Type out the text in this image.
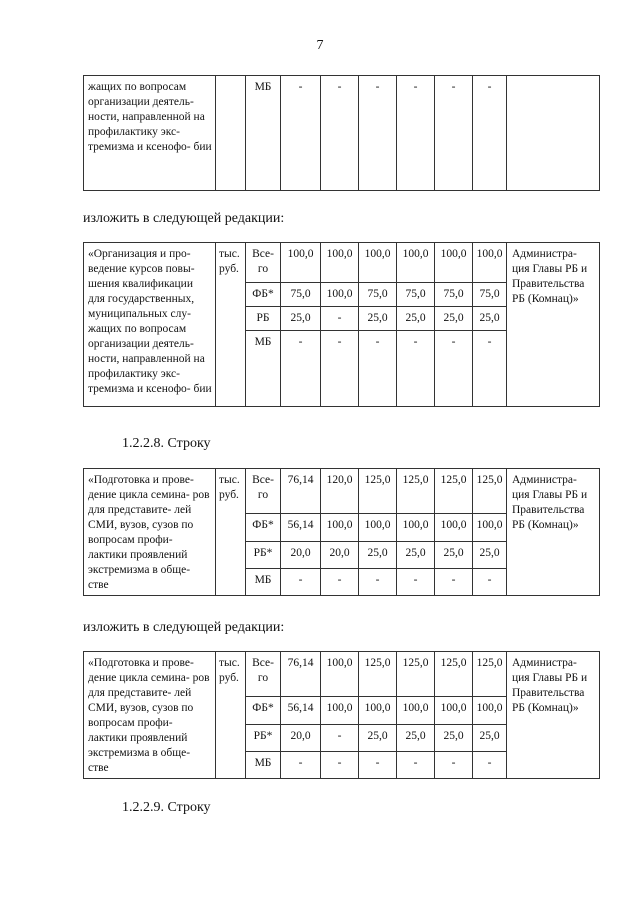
7
жащих по вопросам организации деятель- ности, направленной на профилактику экс- тремизма и ксенофо- бии		МБ	-	-	-	-	-	-	
изложить в следующей редакции:
«Организация и про- ведение курсов повы- шения квалификации для государственных, муниципальных слу- жащих по вопросам организации деятель- ности, направленной на профилактику экс- тремизма и ксенофо- бии	тыс. руб.	Все- го	100,0	100,0	100,0	100,0	100,0	100,0	Администра- ция Главы РБ и Правительства РБ (Комнац)»
		ФБ*	75,0	100,0	75,0	75,0	75,0	75,0	
		РБ	25,0	-	25,0	25,0	25,0	25,0	
		МБ	-	-	-	-	-	-	
1.2.2.8. Строку
«Подготовка и прове- дение цикла семина- ров для представите- лей СМИ, вузов, сузов по вопросам профи- лактики проявлений экстремизма в обще- стве	тыс. руб.	Все- го	76,14	120,0	125,0	125,0	125,0	125,0	Администра- ция Главы РБ и Правительства РБ (Комнац)»
		ФБ*	56,14	100,0	100,0	100,0	100,0	100,0	
		РБ*	20,0	20,0	25,0	25,0	25,0	25,0	
		МБ	-	-	-	-	-	-	
изложить в следующей редакции:
«Подготовка и прове- дение цикла семина- ров для представите- лей СМИ, вузов, сузов по вопросам профи- лактики проявлений экстремизма в обще- стве	тыс. руб.	Все- го	76,14	100,0	125,0	125,0	125,0	125,0	Администра- ция Главы РБ и Правительства РБ (Комнац)»
		ФБ*	56,14	100,0	100,0	100,0	100,0	100,0	
		РБ*	20,0	-	25,0	25,0	25,0	25,0	
		МБ	-	-	-	-	-	-	
1.2.2.9. Строку
